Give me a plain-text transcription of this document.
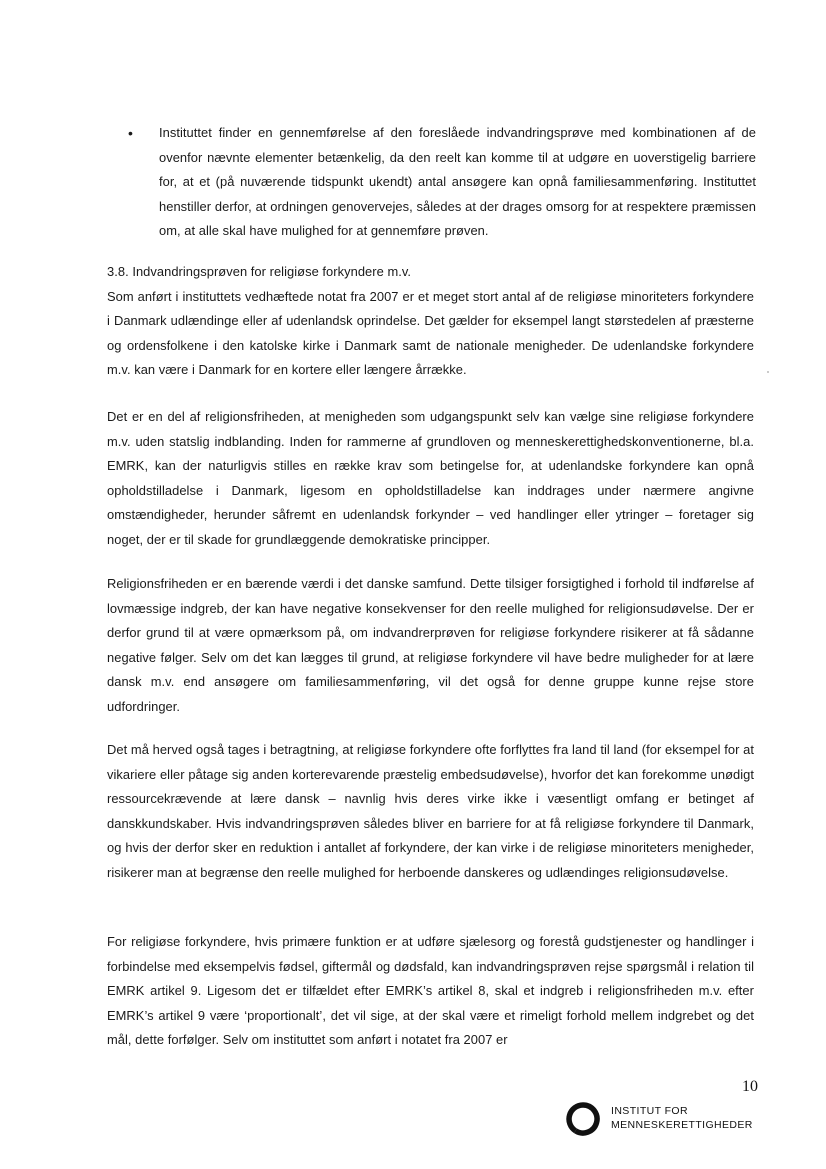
• Instituttet finder en gennemførelse af den foreslåede indvandringsprøve med kombinationen af de ovenfor nævnte elementer betænkelig, da den reelt kan komme til at udgøre en uoverstigelig barriere for, at et (på nuværende tidspunkt ukendt) antal ansøgere kan opnå familiesammenføring. Instituttet henstiller derfor, at ordningen genovervejes, således at der drages omsorg for at respektere præmissen om, at alle skal have mulighed for at gennemføre prøven.
3.8. Indvandringsprøven for religiøse forkyndere m.v.
Som anført i instituttets vedhæftede notat fra 2007 er et meget stort antal af de religiøse minoriteters forkyndere i Danmark udlændinge eller af udenlandsk oprindelse. Det gælder for eksempel langt størstedelen af præsterne og ordensfolkene i den katolske kirke i Danmark samt de nationale menigheder. De udenlandske forkyndere m.v. kan være i Danmark for en kortere eller længere årrække.

Det er en del af religionsfriheden, at menigheden som udgangspunkt selv kan vælge sine religiøse forkyndere m.v. uden statslig indblanding. Inden for rammerne af grundloven og menneskerettighedskonventionerne, bl.a. EMRK, kan der naturligvis stilles en række krav som betingelse for, at udenlandske forkyndere kan opnå opholdstilladelse i Danmark, ligesom en opholdstilladelse kan inddrages under nærmere angivne omstændigheder, herunder såfremt en udenlandsk forkynder – ved handlinger eller ytringer – foretager sig noget, der er til skade for grundlæggende demokratiske principper.

Religionsfriheden er en bærende værdi i det danske samfund. Dette tilsiger forsigtighed i forhold til indførelse af lovmæssige indgreb, der kan have negative konsekvenser for den reelle mulighed for religionsudøvelse. Der er derfor grund til at være opmærksom på, om indvandrerprøven for religiøse forkyndere risikerer at få sådanne negative følger. Selv om det kan lægges til grund, at religiøse forkyndere vil have bedre muligheder for at lære dansk m.v. end ansøgere om familiesammenføring, vil det også for denne gruppe kunne rejse store udfordringer.

Det må herved også tages i betragtning, at religiøse forkyndere ofte forflyttes fra land til land (for eksempel for at vikariere eller påtage sig anden korterevarende præstelig embedsudøvelse), hvorfor det kan forekomme unødigt ressourcekrævende at lære dansk – navnlig hvis deres virke ikke i væsentligt omfang er betinget af danskkundskaber. Hvis indvandringsprøven således bliver en barriere for at få religiøse forkyndere til Danmark, og hvis der derfor sker en reduktion i antallet af forkyndere, der kan virke i de religiøse minoriteters menigheder, risikerer man at begrænse den reelle mulighed for herboende danskeres og udlændinges religionsudøvelse.

For religiøse forkyndere, hvis primære funktion er at udføre sjælesorg og forestå gudstjenester og handlinger i forbindelse med eksempelvis fødsel, giftermål og dødsfald, kan indvandringsprøven rejse spørgsmål i relation til EMRK artikel 9. Ligesom det er tilfældet efter EMRK’s artikel 8, skal et indgreb i religionsfriheden m.v. efter EMRK’s artikel 9 være ‘proportionalt’, det vil sige, at der skal være et rimeligt forhold mellem indgrebet og det mål, dette forfølger. Selv om instituttet som anført i notatet fra 2007 er

10
INSTITUT FOR
MENNESKERETTIGHEDER
